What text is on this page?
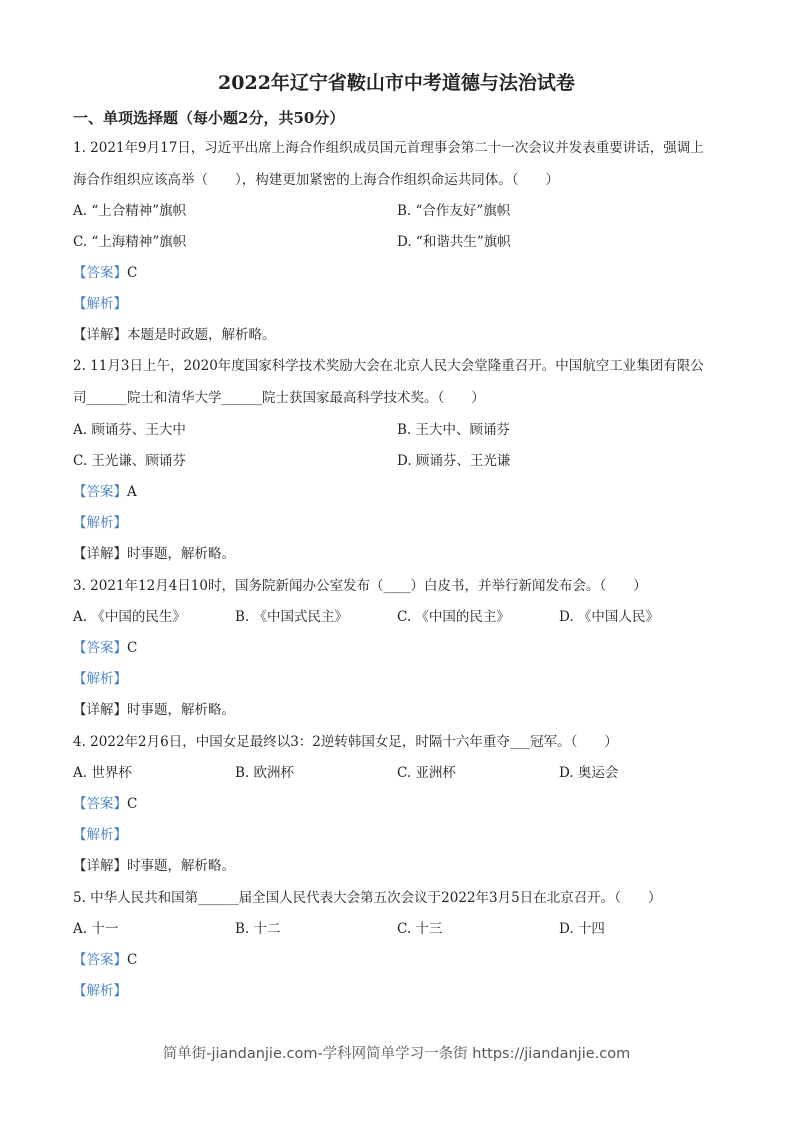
2022年辽宁省鞍山市中考道德与法治试卷
一、单项选择题（每小题2分，共50分）
1. 2021年9月17日，习近平出席上海合作组织成员国元首理事会第二十一次会议并发表重要讲话，强调上
海合作组织应该高举（　　），构建更加紧密的上海合作组织命运共同体。（　　）
A. “上合精神”旗帜	B. “合作友好”旗帜
C. “上海精神”旗帜	D. “和谐共生”旗帜
【答案】C
【解析】
【详解】本题是时政题，解析略。
2. 11月3日上午，2020年度国家科学技术奖励大会在北京人民大会堂隆重召开。中国航空工业集团有限公
司______院士和清华大学______院士获国家最高科学技术奖。（　　）
A. 顾诵芬、王大中	B. 王大中、顾诵芬
C. 王光谦、顾诵芬	D. 顾诵芬、王光谦
【答案】A
【解析】
【详解】时事题，解析略。
3. 2021年12月4日10时，国务院新闻办公室发布（____）白皮书，并举行新闻发布会。（　　）
A. 《中国的民生》	B. 《中国式民主》	C. 《中国的民主》	D. 《中国人民》
【答案】C
【解析】
【详解】时事题，解析略。
4. 2022年2月6日，中国女足最终以3：2逆转韩国女足，时隔十六年重夺___冠军。（　　）
A. 世界杯	B. 欧洲杯	C. 亚洲杯	D. 奥运会
【答案】C
【解析】
【详解】时事题，解析略。
5. 中华人民共和国第______届全国人民代表大会第五次会议于2022年3月5日在北京召开。（　　）
A. 十一	B. 十二	C. 十三	D. 十四
【答案】C
【解析】
简单街-jiandanjie.com-学科网简单学习一条街 https://jiandanjie.com
